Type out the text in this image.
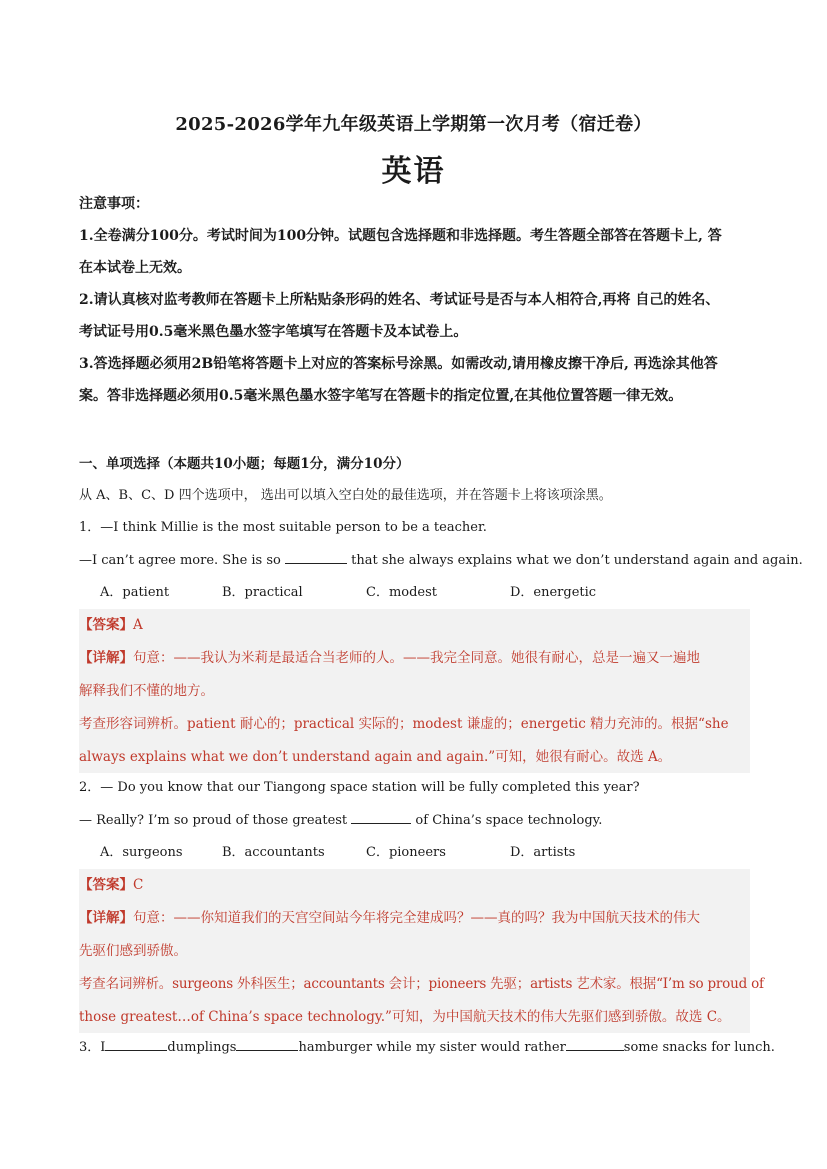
2025-2026学年九年级英语上学期第一次月考（宿迁卷）
英语

注意事项：

1.全卷满分100分。考试时间为100分钟。试题包含选择题和非选择题。考生答题全部答在答题卡上, 答

在本试卷上无效。

2.请认真核对监考教师在答题卡上所粘贴条形码的姓名、考试证号是否与本人相符合,再将 自己的姓名、

考试证号用0.5毫米黑色墨水签字笔填写在答题卡及本试卷上。

3.答选择题必须用2B铅笔将答题卡上对应的答案标号涂黑。如需改动,请用橡皮擦干净后, 再选涂其他答

案。答非选择题必须用0.5毫米黑色墨水签字笔写在答题卡的指定位置,在其他位置答题一律无效。

一、单项选择（本题共10小题；每题1分，满分10分）
从 A、B、C、D 四个选项中， 选出可以填入空白处的最佳选项，并在答题卡上将该项涂黑。
1．—I think Millie is the most suitable person to be a teacher.
—I can’t agree more. She is so	that she always explains what we don’t understand again and again.
A．patient	B．practical	C．modest	D．energetic
【答案】A
【详解】句意：——我认为米莉是最适合当老师的人。——我完全同意。她很有耐心，总是一遍又一遍地
解释我们不懂的地方。
考查形容词辨析。patient 耐心的；practical 实际的；modest 谦虚的；energetic 精力充沛的。根据“she
always explains what we don’t understand again and again.”可知，她很有耐心。故选 A。
2．— Do you know that our Tiangong space station will be fully completed this year?
— Really? I’m so proud of those greatest	of China’s space technology.
A．surgeons	B．accountants	C．pioneers	D．artists
【答案】C
【详解】句意：——你知道我们的天宫空间站今年将完全建成吗？——真的吗？我为中国航天技术的伟大
先驱们感到骄傲。
考查名词辨析。surgeons 外科医生；accountants 会计；pioneers 先驱；artists 艺术家。根据“I’m so proud of
those greatest…of China’s space technology.”可知，为中国航天技术的伟大先驱们感到骄傲。故选 C。
3．I	dumplings	hamburger while my sister would rather	some snacks for lunch.
